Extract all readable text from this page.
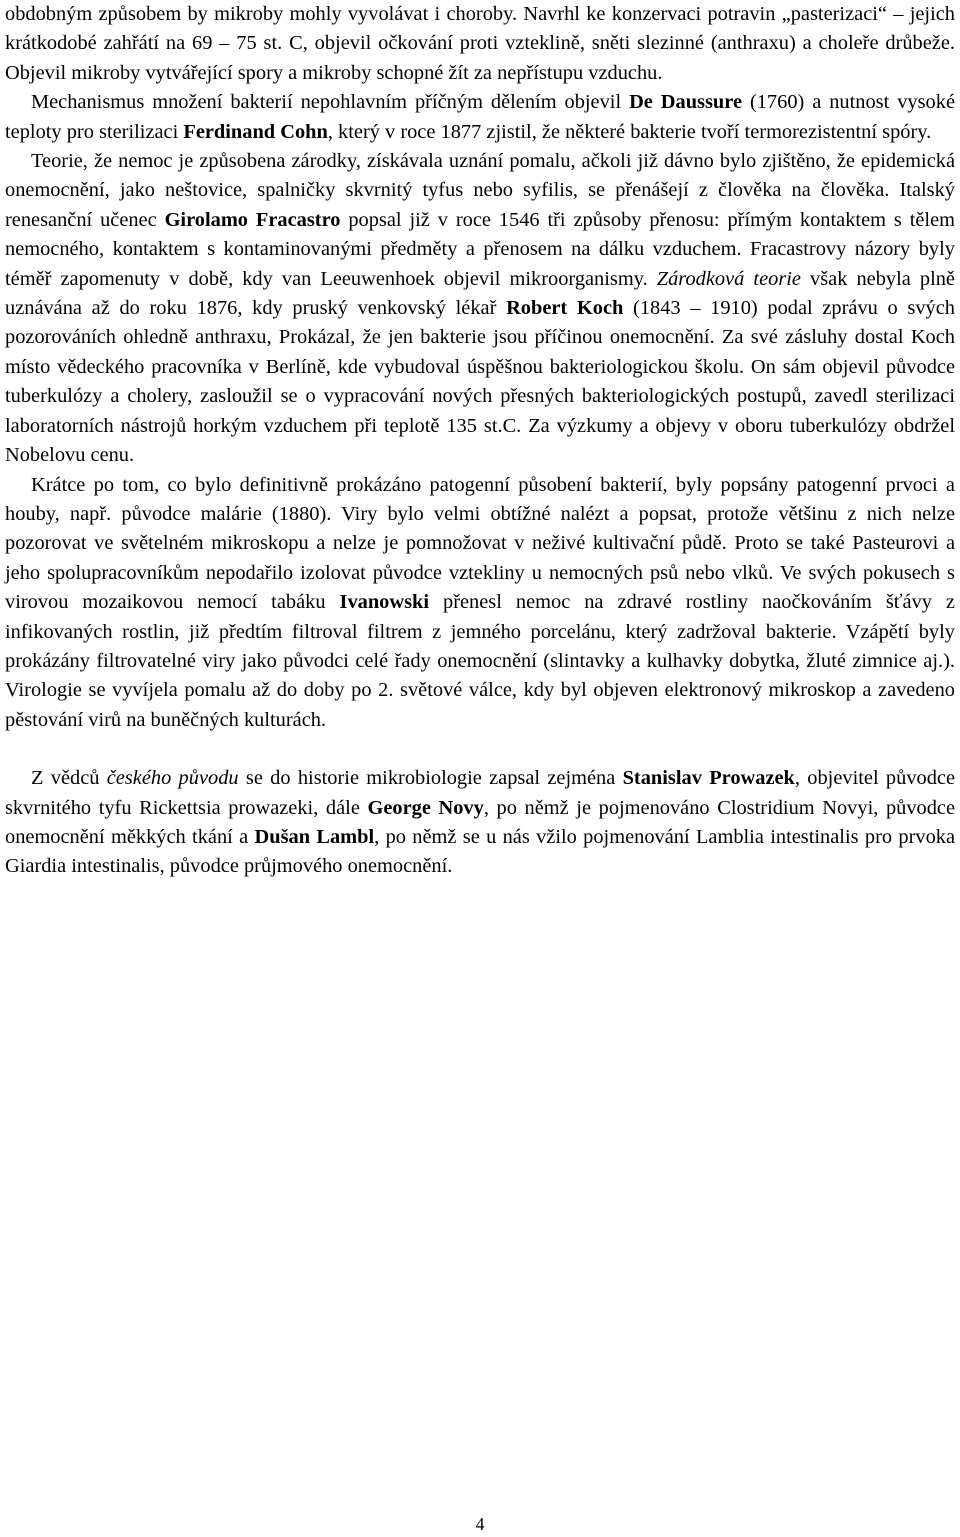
obdobným způsobem by mikroby mohly vyvolávat i choroby. Navrhl ke konzervaci potravin „pasterizaci“ – jejich krátkodobé zahřátí na 69 – 75 st. C, objevil očkování proti vzteklině, sněti slezinné (anthraxu) a choleře drůbeže. Objevil mikroby vytvářející spory a mikroby schopné žít za nepřístupu vzduchu.

Mechanismus množení bakterií nepohlavním příčným dělením objevil De Daussure (1760) a nutnost vysoké teploty pro sterilizaci Ferdinand Cohn, který v roce 1877 zjistil, že některé bakterie tvoří termorezistentní spóry.

Teorie, že nemoc je způsobena zárodky, získávala uznání pomalu, ačkoli již dávno bylo zjištěno, že epidemická onemocnění, jako neštovice, spalničky skvrnitý tyfus nebo syfilis, se přenášejí z člověka na člověka. Italský renesanční učenec Girolamo Fracastro popsal již v roce 1546 tři způsoby přenosu: přímým kontaktem s tělem nemocného, kontaktem s kontaminovanými předměty a přenosem na dálku vzduchem. Fracastrovy názory byly téměř zapomenuty v době, kdy van Leeuwenhoek objevil mikroorganismy. Zárodková teorie však nebyla plně uznávána až do roku 1876, kdy pruský venkovský lékař Robert Koch (1843 – 1910) podal zprávu o svých pozorováních ohledně anthraxu, Prokázal, že jen bakterie jsou příčinou onemocnění. Za své zásluhy dostal Koch místo vědeckého pracovníka v Berlíně, kde vybudoval úspěšnou bakteriologickou školu. On sám objevil původce tuberkulózy a cholery, zasloužil se o vypracování nových přesných bakteriologických postupů, zavedl sterilizaci laboratorních nástrojů horkým vzduchem při teplotě 135 st.C. Za výzkumy a objevy v oboru tuberkulózy obdržel Nobelovu cenu.

Krátce po tom, co bylo definitivně prokázáno patogenní působení bakterií, byly popsány patogenní prvoci a houby, např. původce malárie (1880). Viry bylo velmi obtížné nalézt a popsat, protože většinu z nich nelze pozorovat ve světelném mikroskopu a nelze je pomnožovat v neživé kultivační půdě. Proto se také Pasteurovi a jeho spolupracovníkům nepodařilo izolovat původce vztekliny u nemocných psů nebo vlků. Ve svých pokusech s virovou mozaikovou nemocí tabáku Ivanowski přenesl nemoc na zdravé rostliny naočkováním šťávy z infikovaných rostlin, již předtím filtroval filtrem z jemného porcelánu, který zadržoval bakterie. Vzápětí byly prokázány filtrovatelné viry jako původci celé řady onemocnění (slintavky a kulhavky dobytka, žluté zimnice aj.). Virologie se vyvíjela pomalu až do doby po 2. světové válce, kdy byl objeven elektronový mikroskop a zavedeno pěstování virů na buněčných kulturách.

Z vědců českého původu se do historie mikrobiologie zapsal zejména Stanislav Prowazek, objevitel původce skvrnitého tyfu Rickettsia prowazeki, dále George Novy, po němž je pojmenováno Clostridium Novyi, původce onemocnění měkkých tkání a Dušan Lambl, po němž se u nás vžilo pojmenování Lamblia intestinalis pro prvoka Giardia intestinalis, původce průjmového onemocnění.

4
